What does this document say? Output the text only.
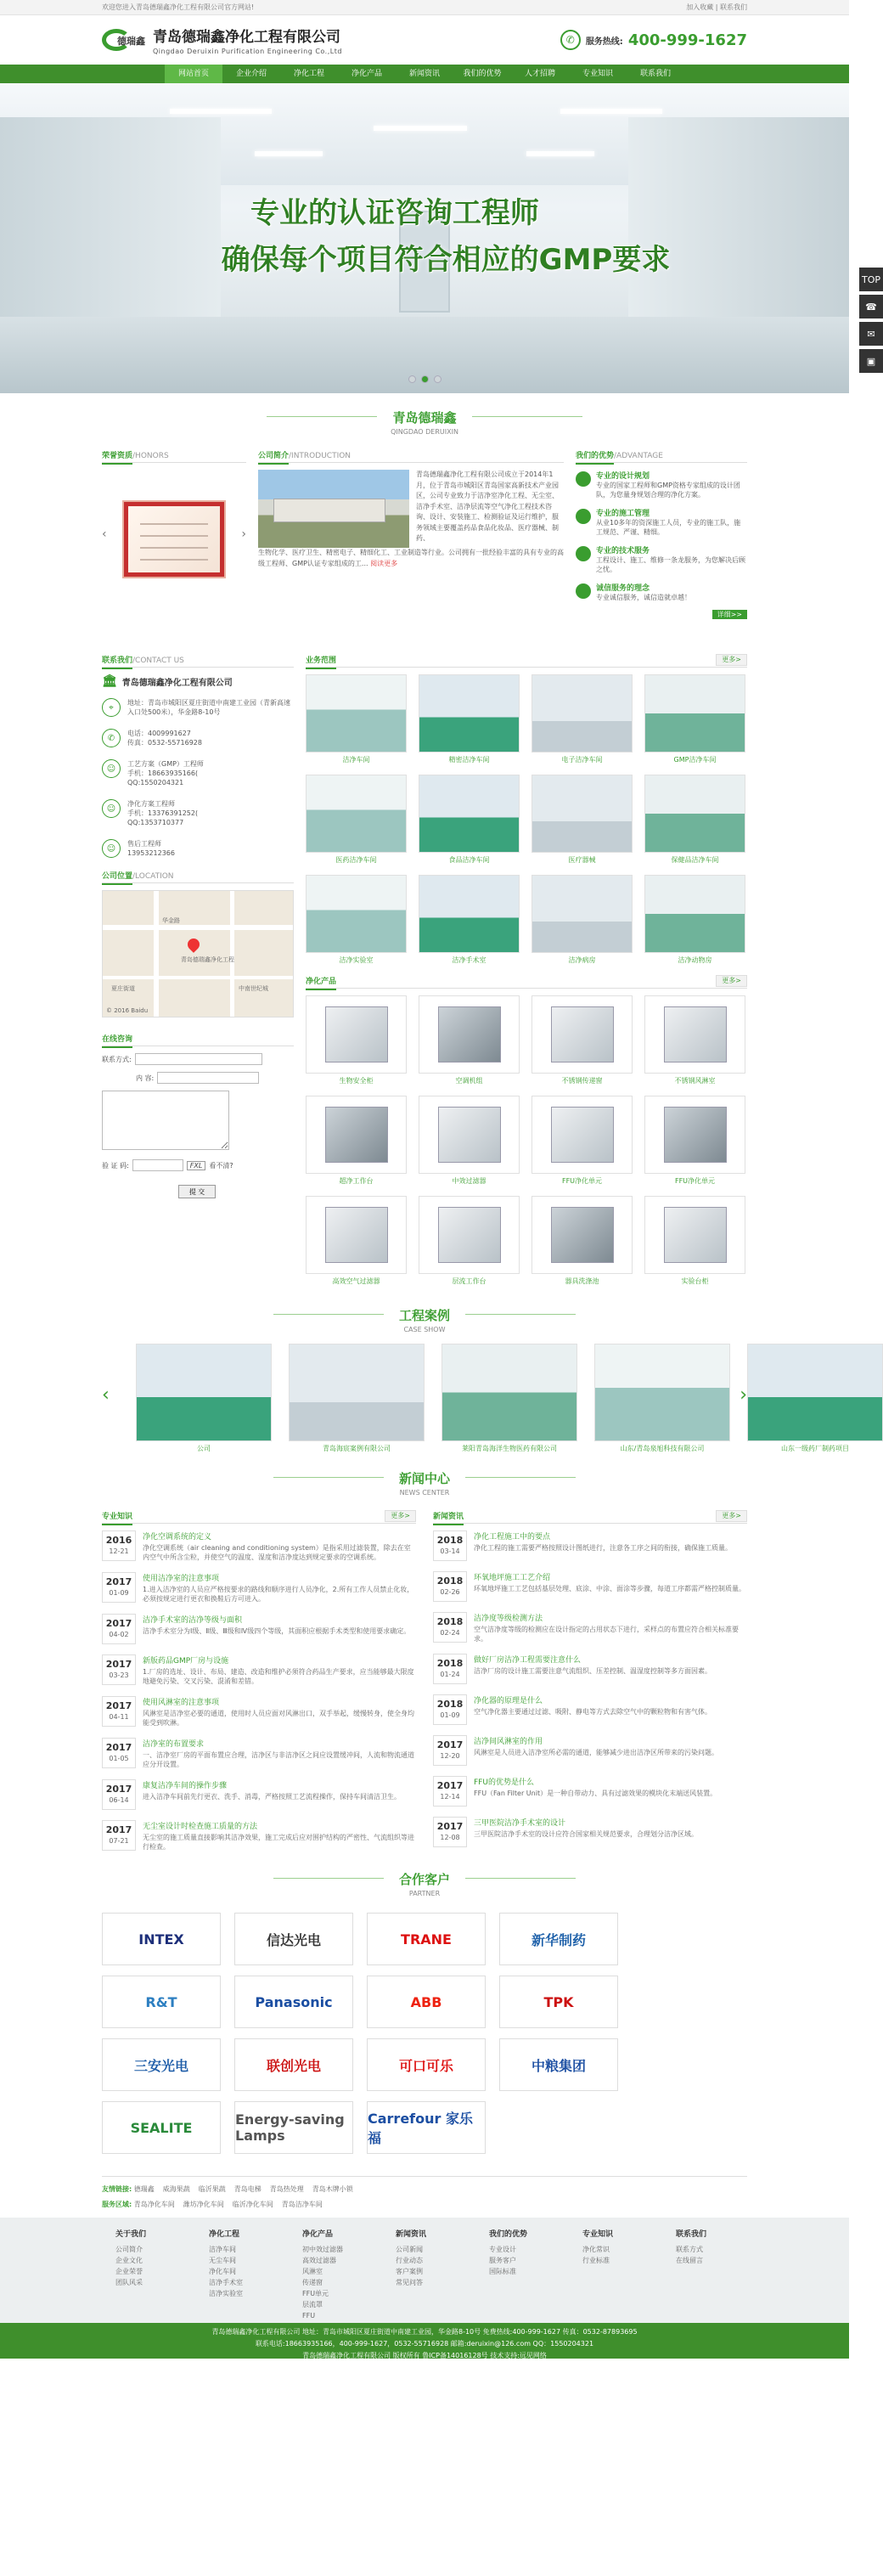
欢迎您进入青岛德瑞鑫净化工程有限公司官方网站!	加入收藏 | 联系我们
德瑞鑫 青岛德瑞鑫净化工程有限公司
Qingdao Deruixin Purification Engineering Co.,Ltd
✆	服务热线: 400-999-1627
网站首页	企业介绍	净化工程	净化产品	新闻资讯	我们的优势	人才招聘	专业知识	联系我们
专业的认证咨询工程师
确保每个项目符合相应的GMP要求
TOP
☎
✉
▣
青岛德瑞鑫
QINGDAO DERUIXIN
荣誉资质/HONORS
‹	›
公司简介/INTRODUCTION

青岛德瑞鑫净化工程有限公司成立于2014年1月，位于青岛市城阳区青岛国家高新技术产业园区，公司专业致力于洁净室净化工程、无尘室、洁净手术室、洁净层流等空气净化工程技术咨询、设计、安装施工、检测验证及运行维护，服务领域主要覆盖药品食品化妆品、医疗器械、制药、

生物化学、医疗卫生、精密电子、精细化工、工业制造等行业。公司拥有一批经验丰富的具有专业的高级工程师、GMP认证专家组成的工... 阅读更多

我们的优势/ADVANTAGE
专业的设计规划
专业的国家工程师和GMP资格专家组成的设计团队，为您量身规划合理的净化方案。
专业的施工管理
从业10多年的资深施工人员，专业的施工队，施工规范、严谨、精细。
专业的技术服务
工程设计、施工、维修一条龙服务，为您解决后顾之忧。
诚信服务的理念
专业诚信服务，诚信造就卓越！
详细>>
联系我们/CONTACT US
🏛 青岛德瑞鑫净化工程有限公司
⌖	地址：青岛市城阳区夏庄街道中南建工业园（青新高速入口处500米），华金路8-10号
✆	电话：4009991627
传真：0532-55716928
☺	工艺方案（GMP）工程师
手机：18663935166(
QQ:1550204321
☺	净化方案工程师
手机：13376391252(
QQ:1353710377
☺	售后工程师
13953212366
公司位置/LOCATION
青岛德瑞鑫净化工程
华金路
中南世纪城
夏庄街道
© 2016 Baidu
在线咨询
联系方式:
内 容:
验 证 码:	FXL	看不清?
提 交
业务范围	更多>
洁净车间	精密洁净车间	电子洁净车间	GMP洁净车间
医药洁净车间	食品洁净车间	医疗器械	保健品洁净车间
洁净实验室	洁净手术室	洁净病房	洁净动物房
净化产品	更多>
生物安全柜	空调机组	不锈钢传递窗	不锈钢风淋室
超净工作台	中效过滤器	FFU净化单元	FFU净化单元
高效空气过滤器	层流工作台	器具洗涤池	实验台柜
工程案例
CASE SHOW
‹
公司	青岛海宸案例有限公司	莱阳青岛海洋生物医药有限公司	山东/青岛泉旭科技有限公司	山东一级药厂制药项目
›
新闻中心
NEWS CENTER
专业知识	更多>
2016
12-21
净化空调系统的定义
净化空调系统（air cleaning and conditioning system）是指采用过滤装置，除去在室内空气中所含尘粒，并使空气的温度、湿度和洁净度达到规定要求的空调系统。
2017
01-09
使用洁净室的注意事项
1.进入洁净室的人员应严格按要求的路线和顺序进行人员净化，2.所有工作人员禁止化妆，必须按规定进行更衣和换鞋后方可进入。
2017
04-02
洁净手术室的洁净等级与面积
洁净手术室分为Ⅰ级、Ⅱ级、Ⅲ级和Ⅳ级四个等级，其面积应根据手术类型和使用要求确定。
2017
03-23
新版药品GMP厂房与设施
1.厂房的选址、设计、布局、建造、改造和维护必须符合药品生产要求，应当能够最大限度地避免污染、交叉污染、混淆和差错。
2017
04-11
使用风淋室的注意事项
风淋室是洁净室必要的通道，使用时人员应面对风淋出口，双手举起，缓慢转身，使全身均能受到吹淋。
2017
01-05
洁净室的布置要求
一、洁净室厂房的平面布置应合理，洁净区与非洁净区之间应设置缓冲间，人流和物流通道应分开设置。
2017
06-14
康复洁净车间的操作步骤
进入洁净车间前先行更衣、洗手、消毒，严格按照工艺流程操作，保持车间清洁卫生。
2017
07-21
无尘室设计时检查施工质量的方法
无尘室的施工质量直接影响其洁净效果，施工完成后应对围护结构的严密性、气流组织等进行检查。
新闻资讯	更多>
2018
03-14
净化工程施工中的要点
净化工程的施工需要严格按照设计图纸进行，注意各工序之间的衔接，确保施工质量。
2018
02-26
环氧地坪施工工艺介绍
环氧地坪施工工艺包括基层处理、底涂、中涂、面涂等步骤，每道工序都需严格控制质量。
2018
02-24
洁净度等级检测方法
空气洁净度等级的检测应在设计指定的占用状态下进行，采样点的布置应符合相关标准要求。
2018
01-24
做好厂房洁净工程需要注意什么
洁净厂房的设计施工需要注意气流组织、压差控制、温湿度控制等多方面因素。
2018
01-09
净化器的原理是什么
空气净化器主要通过过滤、吸附、静电等方式去除空气中的颗粒物和有害气体。
2017
12-20
洁净间风淋室的作用
风淋室是人员进入洁净室所必需的通道，能够减少进出洁净区所带来的污染问题。
2017
12-14
FFU的优势是什么
FFU（Fan Filter Unit）是一种自带动力、具有过滤效果的模块化末端送风装置。
2017
12-08
三甲医院洁净手术室的设计
三甲医院洁净手术室的设计应符合国家相关规范要求，合理划分洁净区域。
合作客户
PARTNER
INTEX	信达光电	TRANE	新华制药
R&T	Panasonic	ABB	TPK
三安光电	联创光电	可口可乐	中粮集团
SEALITE	Energy-saving Lamps
Carrefour 家乐福
友情链接: 德瑞鑫 威海果蔬 临沂果蔬 青岛电梯 青岛热处理 青岛木牌小锁
服务区域: 青岛净化车间 潍坊净化车间 临沂净化车间 青岛洁净车间
关于我们
公司简介
企业文化
企业荣誉
团队风采
净化工程
洁净车间
无尘车间
净化车间
洁净手术室
洁净实验室
净化产品
初中效过滤器
高效过滤器
风淋室
传递窗
FFU单元
层流罩
FFU
新闻资讯
公司新闻
行业动态
客户案例
常见问答
我们的优势
专业设计
服务客户
国际标准
专业知识
净化常识
行业标准
联系我们
联系方式
在线留言
青岛德瑞鑫净化工程有限公司 地址：青岛市城阳区夏庄街道中南建工业园，华金路8-10号 免费热线:400-999-1627 传真：0532-87893695
联系电话:18663935166，400-999-1627，0532-55716928 邮箱:deruixin@126.com QQ：1550204321
青岛德瑞鑫净化工程有限公司 版权所有 鲁ICP备14016128号 技术支持:远见网络
您是本站第 9459 位访客
